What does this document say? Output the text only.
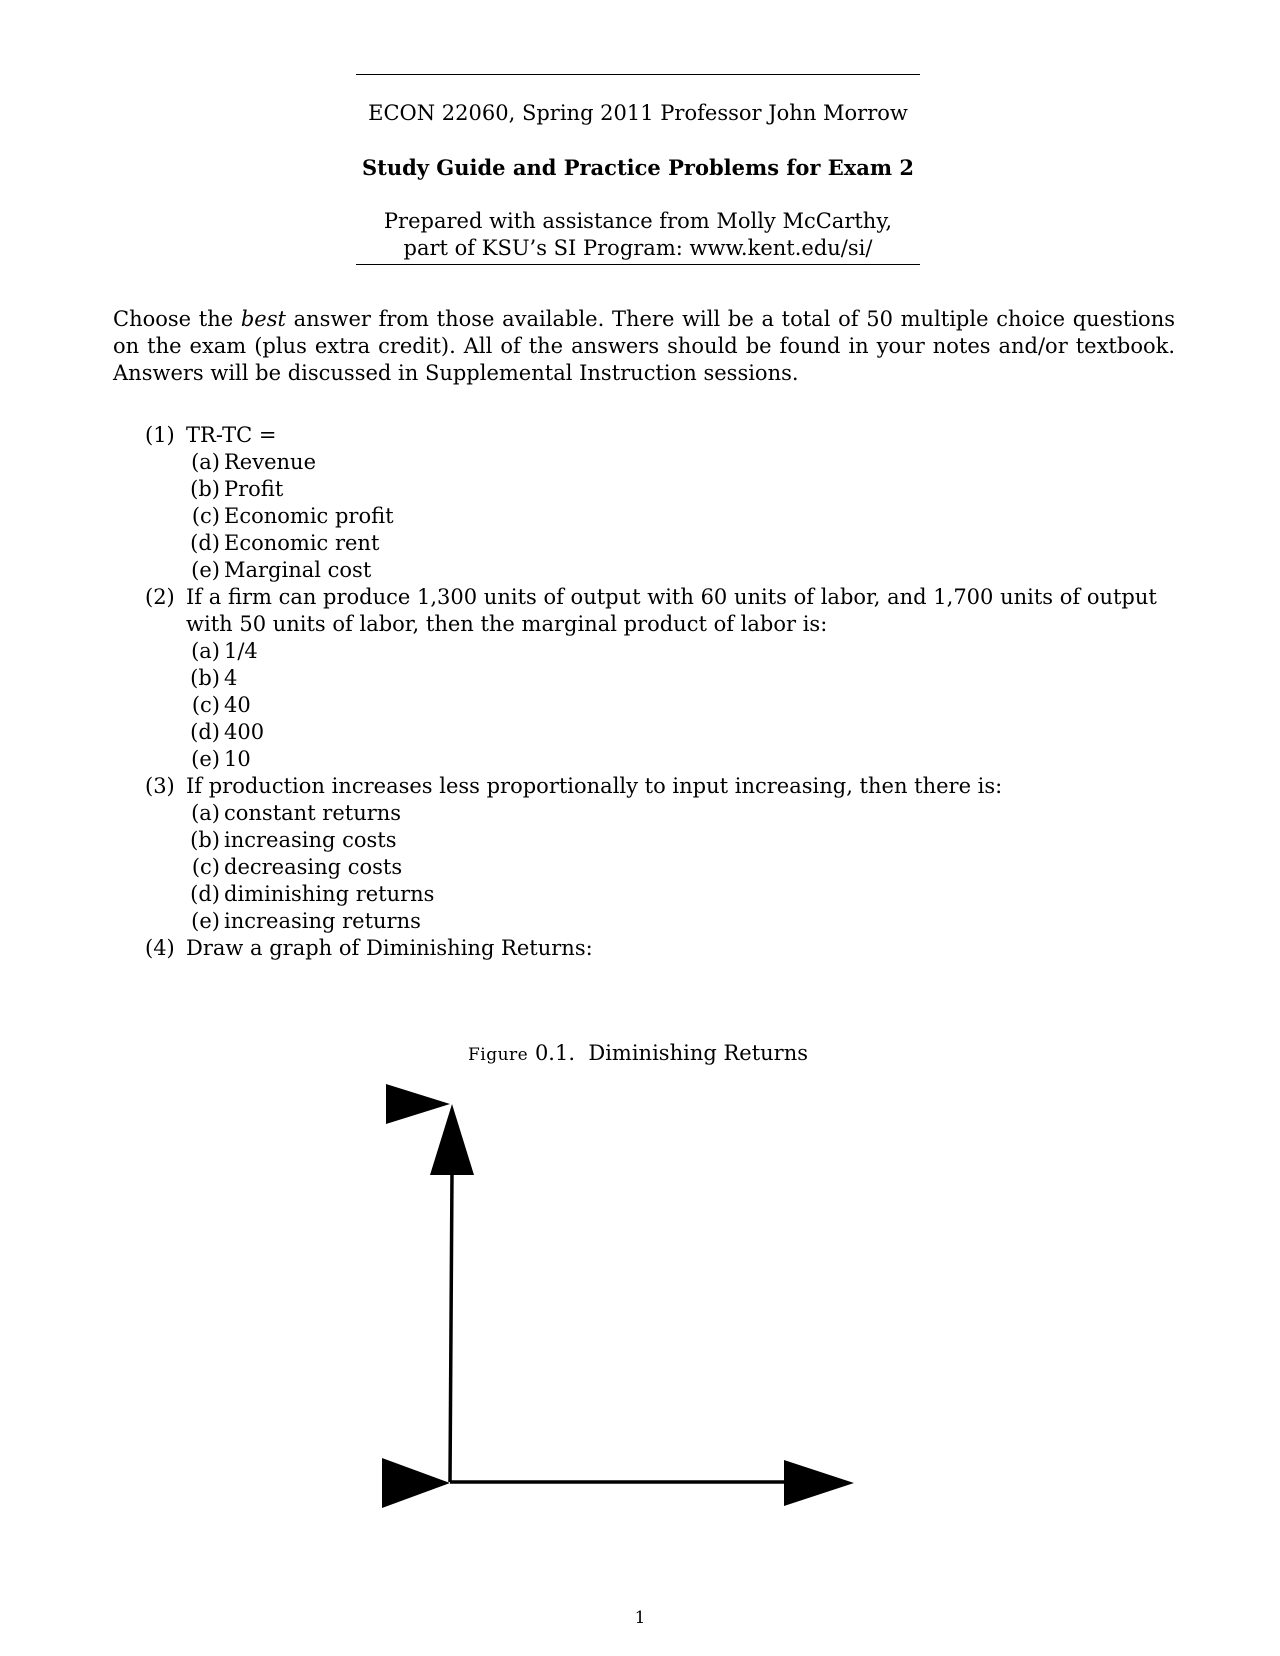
ECON 22060, Spring 2011 Professor John Morrow
Study Guide and Practice Problems for Exam 2
Prepared with assistance from Molly McCarthy,
part of KSU’s SI Program: www.kent.edu/si/
Choose the best answer from those available. There will be a total of 50 multiple choice questions on the exam (plus extra credit). All of the answers should be found in your notes and/or textbook. Answers will be discussed in Supplemental Instruction sessions.
(1) TR-TC =
(a) Revenue
(b) Profit
(c) Economic profit
(d) Economic rent
(e) Marginal cost
(2) If a firm can produce 1,300 units of output with 60 units of labor, and 1,700 units of output with 50 units of labor, then the marginal product of labor is:
(a) 1/4
(b) 4
(c) 40
(d) 400
(e) 10
(3) If production increases less proportionally to input increasing, then there is:
(a) constant returns
(b) increasing costs
(c) decreasing costs
(d) diminishing returns
(e) increasing returns
(4) Draw a graph of Diminishing Returns:
Figure 0.1. Diminishing Returns
1
